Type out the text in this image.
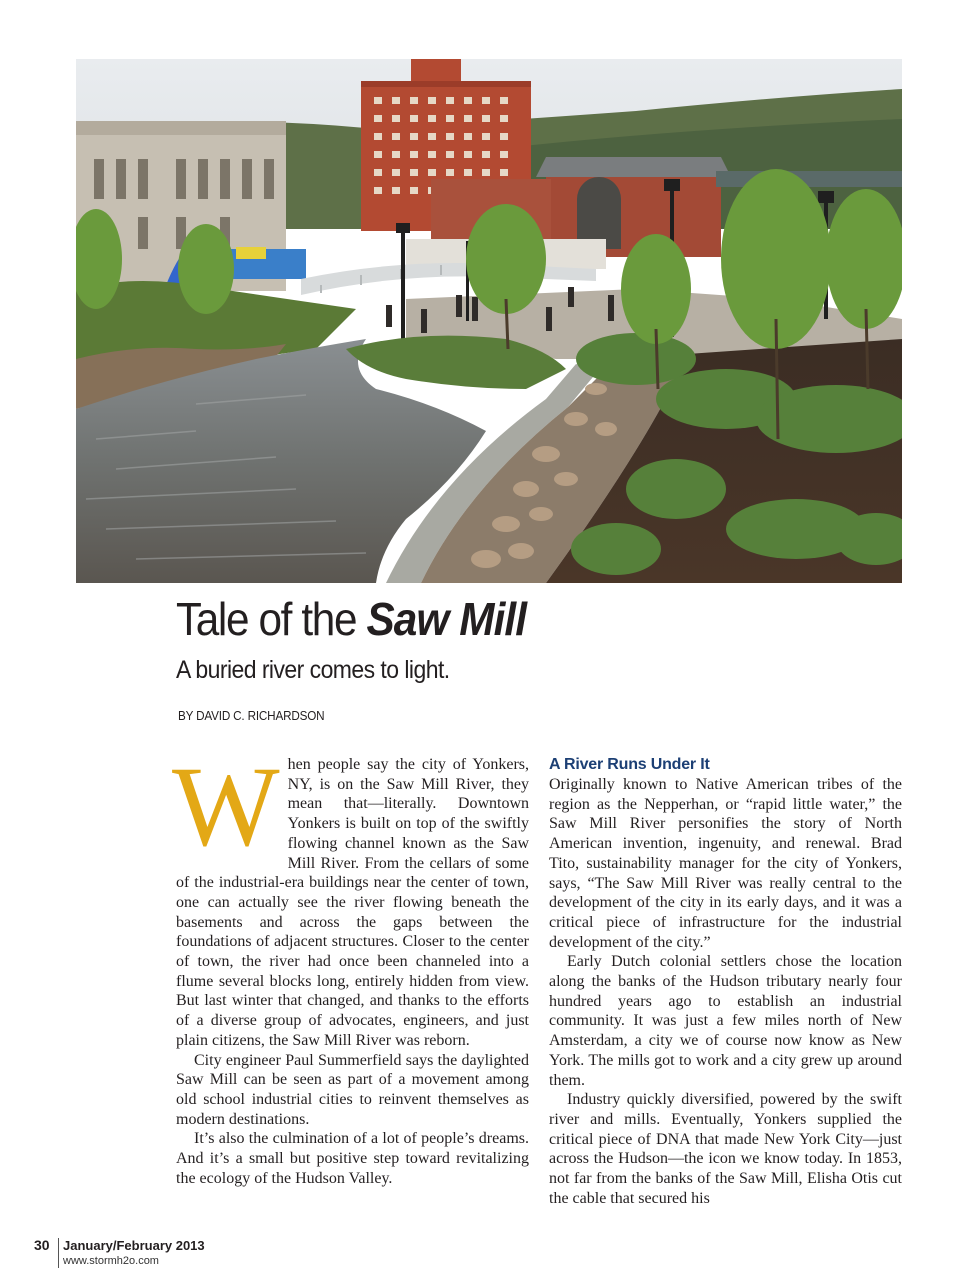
Tale of the Saw Mill
A buried river comes to light.
BY DAVID C. RICHARDSON

When people say the city of Yonkers, NY, is on the Saw Mill River, they mean that—literally. Downtown Yonkers is built on top of the swiftly flowing channel known as the Saw Mill River. From the cellars of some of the industrial-era buildings near the center of town, one can actually see the river flowing beneath the basements and across the gaps between the foundations of adjacent structures. Closer to the center of town, the river had once been channeled into a flume several blocks long, entirely hidden from view. But last winter that changed, and thanks to the efforts of a diverse group of advocates, engineers, and just plain citizens, the Saw Mill River was reborn.

City engineer Paul Summerfield says the daylighted Saw Mill can be seen as part of a movement among old school industrial cities to reinvent themselves as modern destinations.

It’s also the culmination of a lot of people’s dreams. And it’s a small but positive step toward revitalizing the ecology of the Hudson Valley.

A River Runs Under It

Originally known to Native American tribes of the region as the Nepperhan, or “rapid little water,” the Saw Mill River personifies the story of North American invention, ingenuity, and renewal. Brad Tito, sustainability manager for the city of Yonkers, says, “The Saw Mill River was really central to the development of the city in its early days, and it was a critical piece of infrastructure for the industrial development of the city.”

Early Dutch colonial settlers chose the location along the banks of the Hudson tributary nearly four hundred years ago to establish an industrial community. It was just a few miles north of New Amsterdam, a city we of course now know as New York. The mills got to work and a city grew up around them.

Industry quickly diversified, powered by the swift river and mills. Eventually, Yonkers supplied the critical piece of DNA that made New York City—just across the Hudson—the icon we know today. In 1853, not far from the banks of the Saw Mill, Elisha Otis cut the cable that secured his

30 January/February 2013
www.stormh2o.com
